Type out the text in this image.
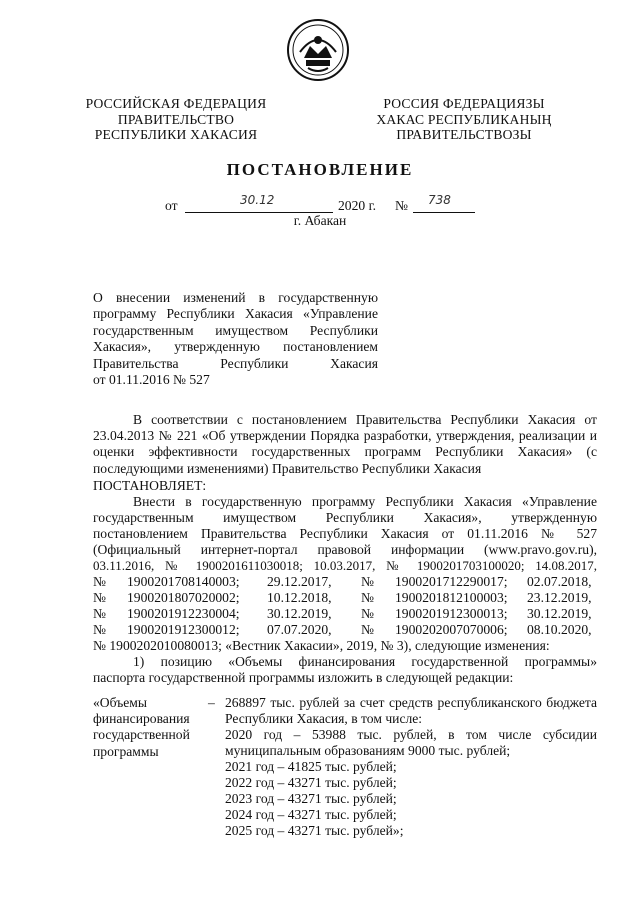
РОССИЙСКАЯ ФЕДЕРАЦИЯ
ПРАВИТЕЛЬСТВО
РЕСПУБЛИКИ ХАКАСИЯ
РОССИЯ ФЕДЕРАЦИЯЗЫ
ХАКАС РЕСПУБЛИКАНЫҢ
ПРАВИТЕЛЬСТВОЗЫ
ПОСТАНОВЛЕНИЕ
от	30.12	2020 г. № 738
г. Абакан
О внесении изменений в государственную
программу Республики Хакасия «Управление
государственным имуществом Республики
Хакасия», утвержденную постановлением
Правительства Республики Хакасия
от 01.11.2016 № 527
В соответствии с постановлением Правительства Республики Хакасия от 23.04.2013 № 221 «Об утверждении Порядка разработки, утверждения, реализации и оценки эффективности государственных программ Республики Хакасия» (с последующими изменениями) Правительство Республики Хакасия
ПОСТАНОВЛЯЕТ:
Внести в государственную программу Республики Хакасия «Управление
государственным имуществом Республики Хакасия», утвержденную
постановлением Правительства Республики Хакасия от 01.11.2016 № 527
(Официальный интернет-портал правовой информации (www.pravo.gov.ru),
03.11.2016, № 1900201611030018; 10.03.2017, № 1900201703100020; 14.08.2017,
№ 1900201708140003; 29.12.2017, № 1900201712290017; 02.07.2018,
№ 1900201807020002; 10.12.2018, № 1900201812100003; 23.12.2019,
№ 1900201912230004; 30.12.2019, № 1900201912300013; 30.12.2019,
№ 1900201912300012; 07.07.2020, № 1900202007070006; 08.10.2020,
№ 1900202010080013; «Вестник Хакасии», 2019, № 3), следующие изменения:
1) позицию «Объемы финансирования государственной программы»
паспорта государственной программы изложить в следующей редакции:
«Объемы финансирования государственной программы
– 268897 тыс. рублей за счет средств республиканского бюджета Республики Хакасия, в том числе:
2020 год – 53988 тыс. рублей, в том числе субсидии муниципальным образованиям 9000 тыс. рублей;
2021 год – 41825 тыс. рублей;
2022 год – 43271 тыс. рублей;
2023 год – 43271 тыс. рублей;
2024 год – 43271 тыс. рублей;
2025 год – 43271 тыс. рублей»;
